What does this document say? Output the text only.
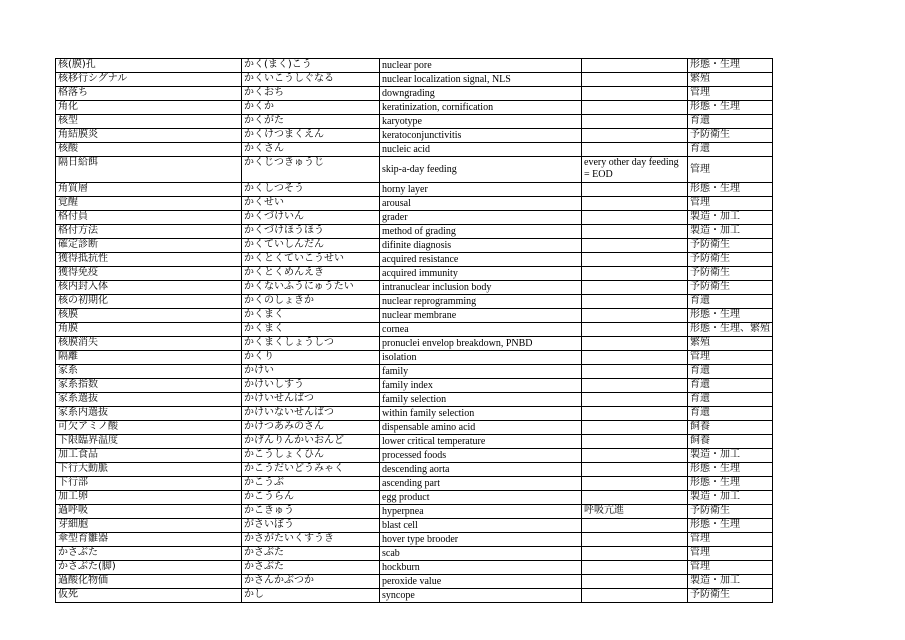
核(膜)孔	かく(まく)こう	nuclear pore		形態・生理
核移行シグナル	かくいこうしぐなる	nuclear localization signal, NLS		繁殖
格落ち	かくおち	downgrading		管理
角化	かくか	keratinization, cornification		形態・生理
核型	かくがた	karyotype		育遺
角結膜炎	かくけつまくえん	keratoconjunctivitis		予防衛生
核酸	かくさん	nucleic acid		育遺
隔日給餌	かくじつきゅうじ	skip-a-day feeding	every other day feeding = EOD	管理
角質層	かくしつそう	horny layer		形態・生理
覚醒	かくせい	arousal		管理
格付員	かくづけいん	grader		製造・加工
格付方法	かくづけほうほう	method of grading		製造・加工
確定診断	かくていしんだん	difinite diagnosis		予防衛生
獲得抵抗性	かくとくていこうせい	acquired resistance		予防衛生
獲得免疫	かくとくめんえき	acquired immunity		予防衛生
核内封入体	かくないふうにゅうたい	intranuclear inclusion body		予防衛生
核の初期化	かくのしょきか	nuclear reprogramming		育遺
核膜	かくまく	nuclear membrane		形態・生理
角膜	かくまく	cornea		形態・生理、繁殖
核膜消失	かくまくしょうしつ	pronuclei envelop breakdown, PNBD		繁殖
隔離	かくり	isolation		管理
家系	かけい	family		育遺
家系指数	かけいしすう	family index		育遺
家系選抜	かけいせんばつ	family selection		育遺
家系内選抜	かけいないせんばつ	within family selection		育遺
可欠アミノ酸	かけつあみのさん	dispensable amino acid		飼養
下限臨界温度	かげんりんかいおんど	lower critical temperature		飼養
加工食品	かこうしょくひん	processed foods		製造・加工
下行大動脈	かこうだいどうみゃく	descending aorta		形態・生理
下行部	かこうぶ	ascending part		形態・生理
加工卵	かこうらん	egg product		製造・加工
過呼吸	かこきゅう	hyperpnea	呼吸亢進	予防衛生
芽細胞	がさいぼう	blast cell		形態・生理
傘型育雛器	かさがたいくすうき	hover type brooder		管理
かさぶた	かさぶた	scab		管理
かさぶた(脚)	かさぶた	hockburn		管理
過酸化物価	かさんかぶつか	peroxide value		製造・加工
仮死	かし	syncope		予防衛生
